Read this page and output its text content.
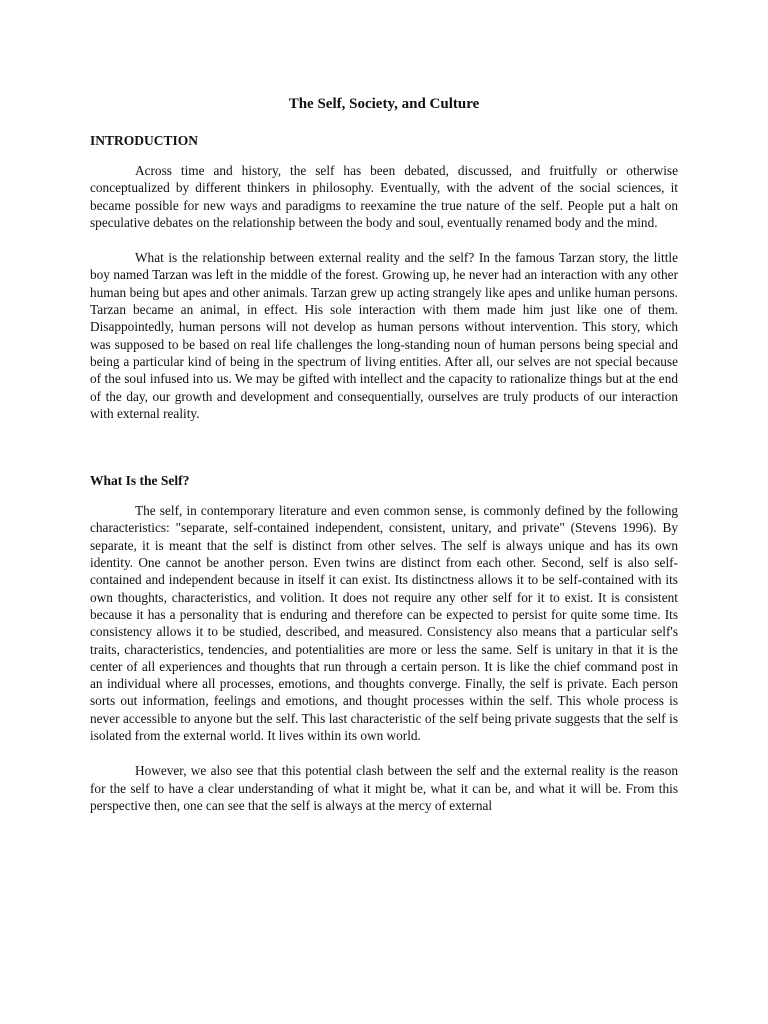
The Self, Society, and Culture
INTRODUCTION

Across time and history, the self has been debated, discussed, and fruitfully or otherwise conceptualized by different thinkers in philosophy. Eventually, with the advent of the social sciences, it became possible for new ways and paradigms to reexamine the true nature of the self. People put a halt on speculative debates on the relationship between the body and soul, eventually renamed body and the mind.

What is the relationship between external reality and the self? In the famous Tarzan story, the little boy named Tarzan was left in the middle of the forest. Growing up, he never had an interaction with any other human being but apes and other animals. Tarzan grew up acting strangely like apes and unlike human persons. Tarzan became an animal, in effect. His sole interaction with them made him just like one of them. Disappointedly, human persons will not develop as human persons without intervention. This story, which was supposed to be based on real life challenges the long-standing noun of human persons being special and being a particular kind of being in the spectrum of living entities. After all, our selves are not special because of the soul infused into us. We may be gifted with intellect and the capacity to rationalize things but at the end of the day, our growth and development and consequentially, ourselves are truly products of our interaction with external reality.

What Is the Self?

The self, in contemporary literature and even common sense, is commonly defined by the following characteristics: "separate, self-contained independent, consistent, unitary, and private" (Stevens 1996). By separate, it is meant that the self is distinct from other selves. The self is always unique and has its own identity. One cannot be another person. Even twins are distinct from each other. Second, self is also self-contained and independent because in itself it can exist. Its distinctness allows it to be self-contained with its own thoughts, characteristics, and volition. It does not require any other self for it to exist. It is consistent because it has a personality that is enduring and therefore can be expected to persist for quite some time. Its consistency allows it to be studied, described, and measured. Consistency also means that a particular self's traits, characteristics, tendencies, and potentialities are more or less the same. Self is unitary in that it is the center of all experiences and thoughts that run through a certain person. It is like the chief command post in an individual where all processes, emotions, and thoughts converge. Finally, the self is private. Each person sorts out information, feelings and emotions, and thought processes within the self. This whole process is never accessible to anyone but the self. This last characteristic of the self being private suggests that the self is isolated from the external world. It lives within its own world.

However, we also see that this potential clash between the self and the external reality is the reason for the self to have a clear understanding of what it might be, what it can be, and what it will be. From this perspective then, one can see that the self is always at the mercy of external
